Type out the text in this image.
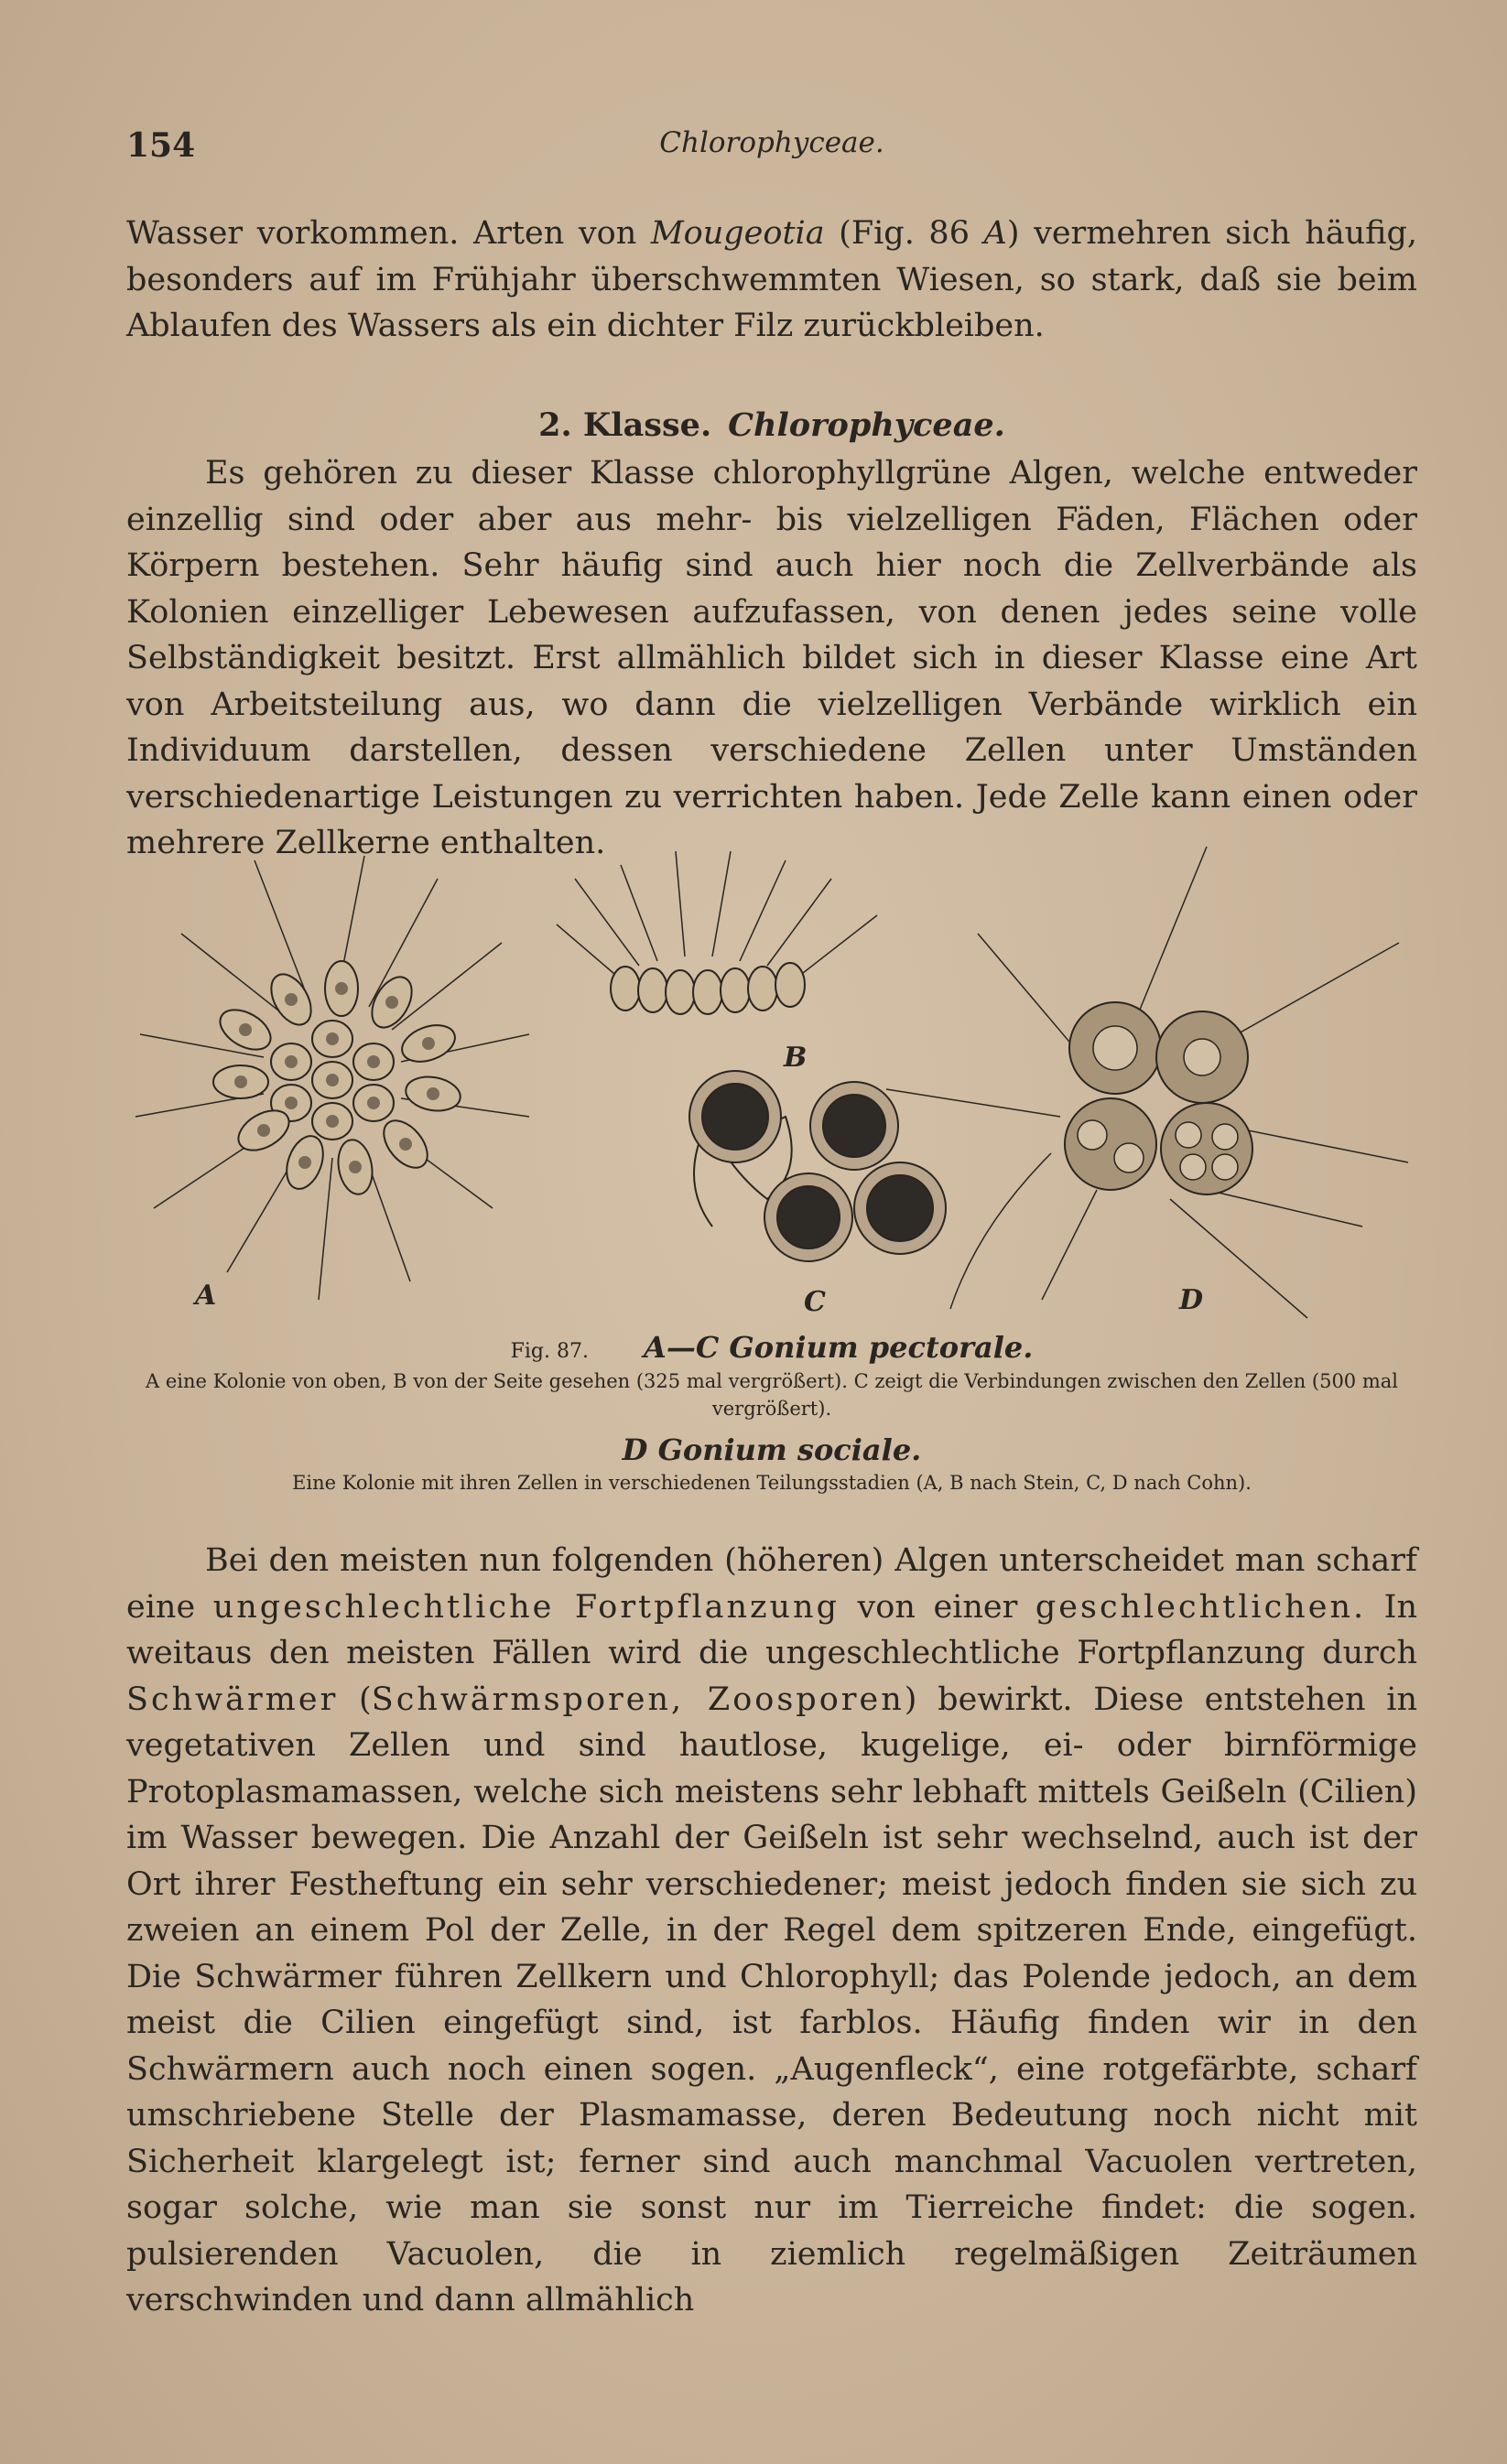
154	Chlorophyceae.

Wasser vorkommen. Arten von Mougeotia (Fig. 86 A) vermehren sich häufig, besonders auf im Frühjahr überschwemmten Wiesen, so stark, daß sie beim Ablaufen des Wassers als ein dichter Filz zurückbleiben.

2. Klasse. Chlorophyceae.

Es gehören zu dieser Klasse chlorophyllgrüne Algen, welche entweder einzellig sind oder aber aus mehr- bis vielzelligen Fäden, Flächen oder Körpern bestehen. Sehr häufig sind auch hier noch die Zellverbände als Kolonien einzelliger Lebewesen aufzufassen, von denen jedes seine volle Selbständigkeit besitzt. Erst allmählich bildet sich in dieser Klasse eine Art von Arbeitsteilung aus, wo dann die vielzelligen Verbände wirklich ein Individuum darstellen, dessen verschiedene Zellen unter Umständen verschiedenartige Leistungen zu verrichten haben. Jede Zelle kann einen oder mehrere Zellkerne enthalten.

A
B
C	D
Fig. 87. A—C Gonium pectorale.
A eine Kolonie von oben, B von der Seite gesehen (325 mal vergrößert). C zeigt die Verbindungen zwischen den Zellen (500 mal vergrößert).
D Gonium sociale.
Eine Kolonie mit ihren Zellen in verschiedenen Teilungsstadien (A, B nach Stein, C, D nach Cohn).

Bei den meisten nun folgenden (höheren) Algen unterscheidet man scharf eine ungeschlechtliche Fortpflanzung von einer geschlechtlichen. In weitaus den meisten Fällen wird die ungeschlechtliche Fortpflanzung durch Schwärmer (Schwärmsporen, Zoosporen) bewirkt. Diese entstehen in vegetativen Zellen und sind hautlose, kugelige, ei- oder birnförmige Protoplasmamassen, welche sich meistens sehr lebhaft mittels Geißeln (Cilien) im Wasser bewegen. Die Anzahl der Geißeln ist sehr wechselnd, auch ist der Ort ihrer Festheftung ein sehr verschiedener; meist jedoch finden sie sich zu zweien an einem Pol der Zelle, in der Regel dem spitzeren Ende, eingefügt. Die Schwärmer führen Zellkern und Chlorophyll; das Polende jedoch, an dem meist die Cilien eingefügt sind, ist farblos. Häufig finden wir in den Schwärmern auch noch einen sogen. „Augenfleck“, eine rotgefärbte, scharf umschriebene Stelle der Plasmamasse, deren Bedeutung noch nicht mit Sicherheit klargelegt ist; ferner sind auch manchmal Vacuolen vertreten, sogar solche, wie man sie sonst nur im Tierreiche findet: die sogen. pulsierenden Vacuolen, die in ziemlich regelmäßigen Zeiträumen verschwinden und dann allmählich
